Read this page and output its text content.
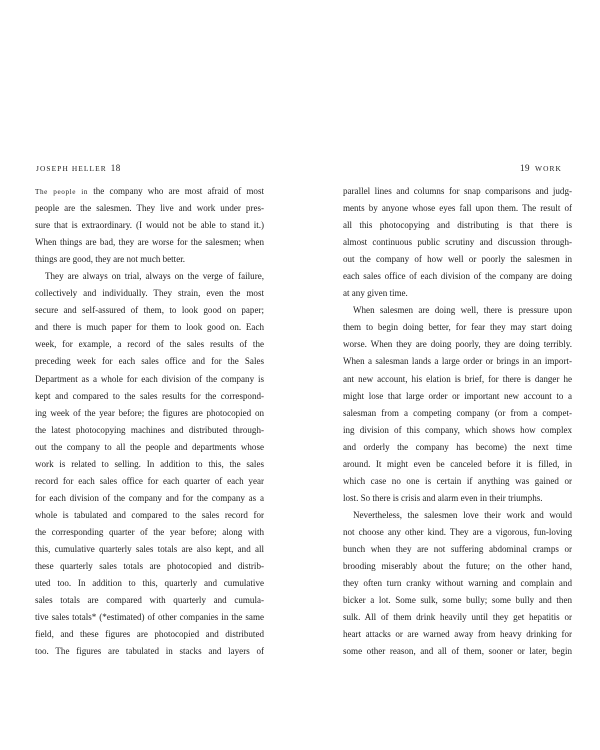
JOSEPH HELLER 18
The people in the company who are most afraid of most
people are the salesmen. They live and work under pres-
sure that is extraordinary. (I would not be able to stand it.)
When things are bad, they are worse for the salesmen; when
things are good, they are not much better.
They are always on trial, always on the verge of failure,
collectively and individually. They strain, even the most
secure and self-assured of them, to look good on paper;
and there is much paper for them to look good on. Each
week, for example, a record of the sales results of the
preceding week for each sales office and for the Sales
Department as a whole for each division of the company is
kept and compared to the sales results for the correspond-
ing week of the year before; the figures are photocopied on
the latest photocopying machines and distributed through-
out the company to all the people and departments whose
work is related to selling. In addition to this, the sales
record for each sales office for each quarter of each year
for each division of the company and for the company as a
whole is tabulated and compared to the sales record for
the corresponding quarter of the year before; along with
this, cumulative quarterly sales totals are also kept, and all
these quarterly sales totals are photocopied and distrib-
uted too. In addition to this, quarterly and cumulative
sales totals are compared with quarterly and cumula-
tive sales totals* (*estimated) of other companies in the same
field, and these figures are photocopied and distributed
too. The figures are tabulated in stacks and layers of
19 WORK
parallel lines and columns for snap comparisons and judg-
ments by anyone whose eyes fall upon them. The result of
all this photocopying and distributing is that there is
almost continuous public scrutiny and discussion through-
out the company of how well or poorly the salesmen in
each sales office of each division of the company are doing
at any given time.
When salesmen are doing well, there is pressure upon
them to begin doing better, for fear they may start doing
worse. When they are doing poorly, they are doing terribly.
When a salesman lands a large order or brings in an import-
ant new account, his elation is brief, for there is danger he
might lose that large order or important new account to a
salesman from a competing company (or from a compet-
ing division of this company, which shows how complex
and orderly the company has become) the next time
around. It might even be canceled before it is filled, in
which case no one is certain if anything was gained or
lost. So there is crisis and alarm even in their triumphs.
Nevertheless, the salesmen love their work and would
not choose any other kind. They are a vigorous, fun-loving
bunch when they are not suffering abdominal cramps or
brooding miserably about the future; on the other hand,
they often turn cranky without warning and complain and
bicker a lot. Some sulk, some bully; some bully and then
sulk. All of them drink heavily until they get hepatitis or
heart attacks or are warned away from heavy drinking for
some other reason, and all of them, sooner or later, begin
